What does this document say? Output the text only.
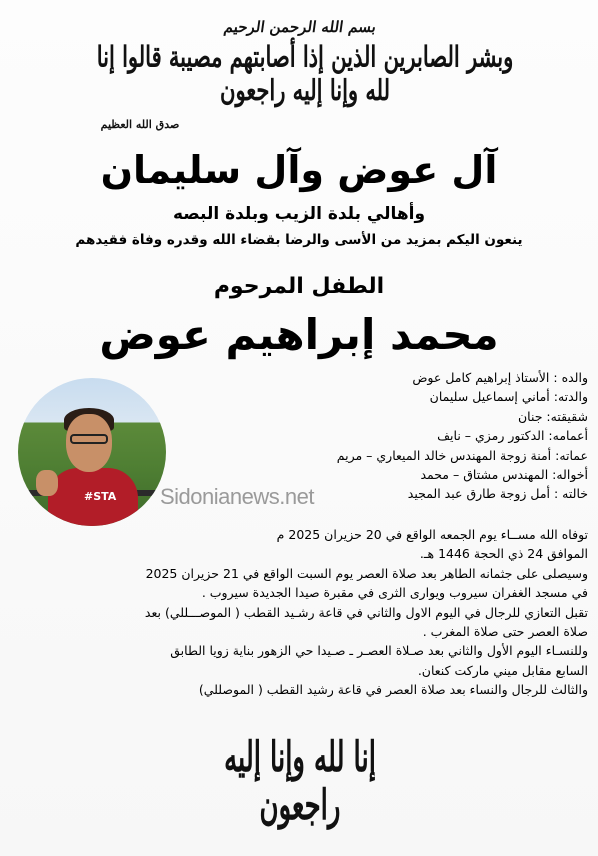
بسم الله الرحمن الرحيم
وبشر الصابرين الذين إذا أصابتهم مصيبة قالوا إنا لله وإنا إليه راجعون
صدق الله العظيم
آل عوض وآل سليمان
وأهالي بلدة الزيب وبلدة البصه
ينعون اليكم بمزيد من الأسى والرضا بقضاء الله وقدره وفاة فقيدهم
الطفل المرحوم
محمد إبراهيم عوض
#STA
والده : الأستاذ إبراهيم كامل عوض
والدته: أماني إسماعيل سليمان
شقيقته: جنان
أعمامه: الدكتور رمزي – نايف
عماته: أمنة زوجة المهندس خالد الميعاري – مريم
أخواله: المهندس مشتاق – محمد
خالته : أمل زوجة طارق عبد المجيد
Sidonianews.net
توفاه الله مســاء يوم الجمعه الواقع في 20 حزيران 2025 م
الموافق 24 ذي الحجة 1446 هـ.
وسيصلى على جثمانه الطاهر بعد صلاة العصر يوم السبت الواقع في 21 حزيران 2025
في مسجد الغفران سيروب ويوارى الثرى في مقبرة صيدا الجديدة سيروب .
تقبل التعازي للرجال في اليوم الاول والثاني في قاعة رشـيد القطب ( الموصـــللي) بعد
صلاة العصر حتى صلاة المغرب .
وللنسـاء اليوم الأول والثاني بعد صـلاة العصـر ـ صـيدا حي الزهور بناية زويا الطابق
السابع مقابل ميني ماركت كنعان.
والثالث للرجال والنساء بعد صلاة العصر في قاعة رشيد القطب ( الموصللي)
إنا لله وإنا إليه راجعون
